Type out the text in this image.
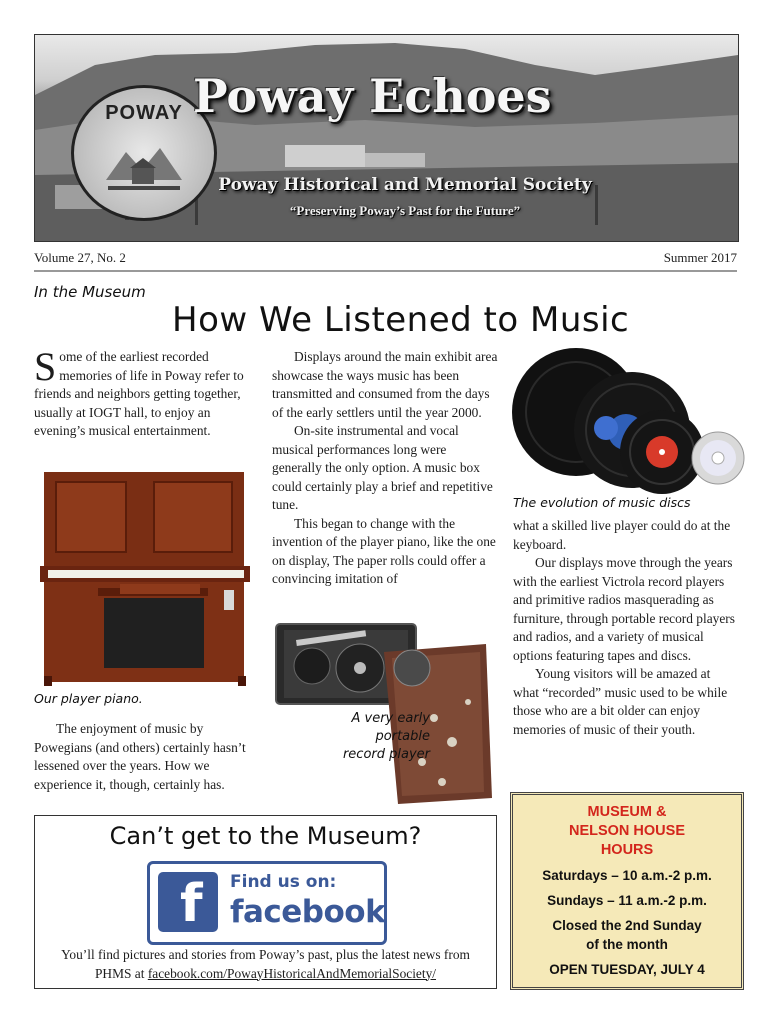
POWAY Poway Echoes
Poway Historical and Memorial Society
“Preserving Poway’s Past for the Future”
Volume 27, No. 2	Summer 2017
In the Museum
How We Listened to Music
S ome of the earliest recorded memories of life in Poway refer to friends and neighbors getting together, usually at IOGT hall, to enjoy an evening’s musical entertainment.
Our player piano.

The enjoyment of music by Powegians (and others) certainly hasn’t lessened over the years. How we experience it, though, certainly has.

Displays around the main exhibit area showcase the ways music has been transmitted and consumed from the days of the early settlers until the year 2000.

On-site instrumental and vocal musical performances long were generally the only option. A music box could certainly play a brief and repetitive tune.

This began to change with the invention of the player piano, like the one on display, The paper rolls could offer a convincing imitation of

A very early
portable
record player
The evolution of music discs

what a skilled live player could do at the keyboard.

Our displays move through the years with the earliest Victrola record players and primitive radios masquerading as furniture, through portable record players and radios, and a variety of musical options featuring tapes and discs.

Young visitors will be amazed at what “recorded” music used to be while those who are a bit older can enjoy memories of music of their youth.

Can’t get to the Museum?
f Find us on:
facebook
You’ll find pictures and stories from Poway’s past, plus the latest news from PHMS at facebook.com/PowayHistoricalAndMemorialSociety/
MUSEUM &
NELSON HOUSE
HOURS
Saturdays – 10 a.m.-2 p.m.
Sundays – 11 a.m.-2 p.m.
Closed the 2nd Sunday
of the month
OPEN TUESDAY, JULY 4
